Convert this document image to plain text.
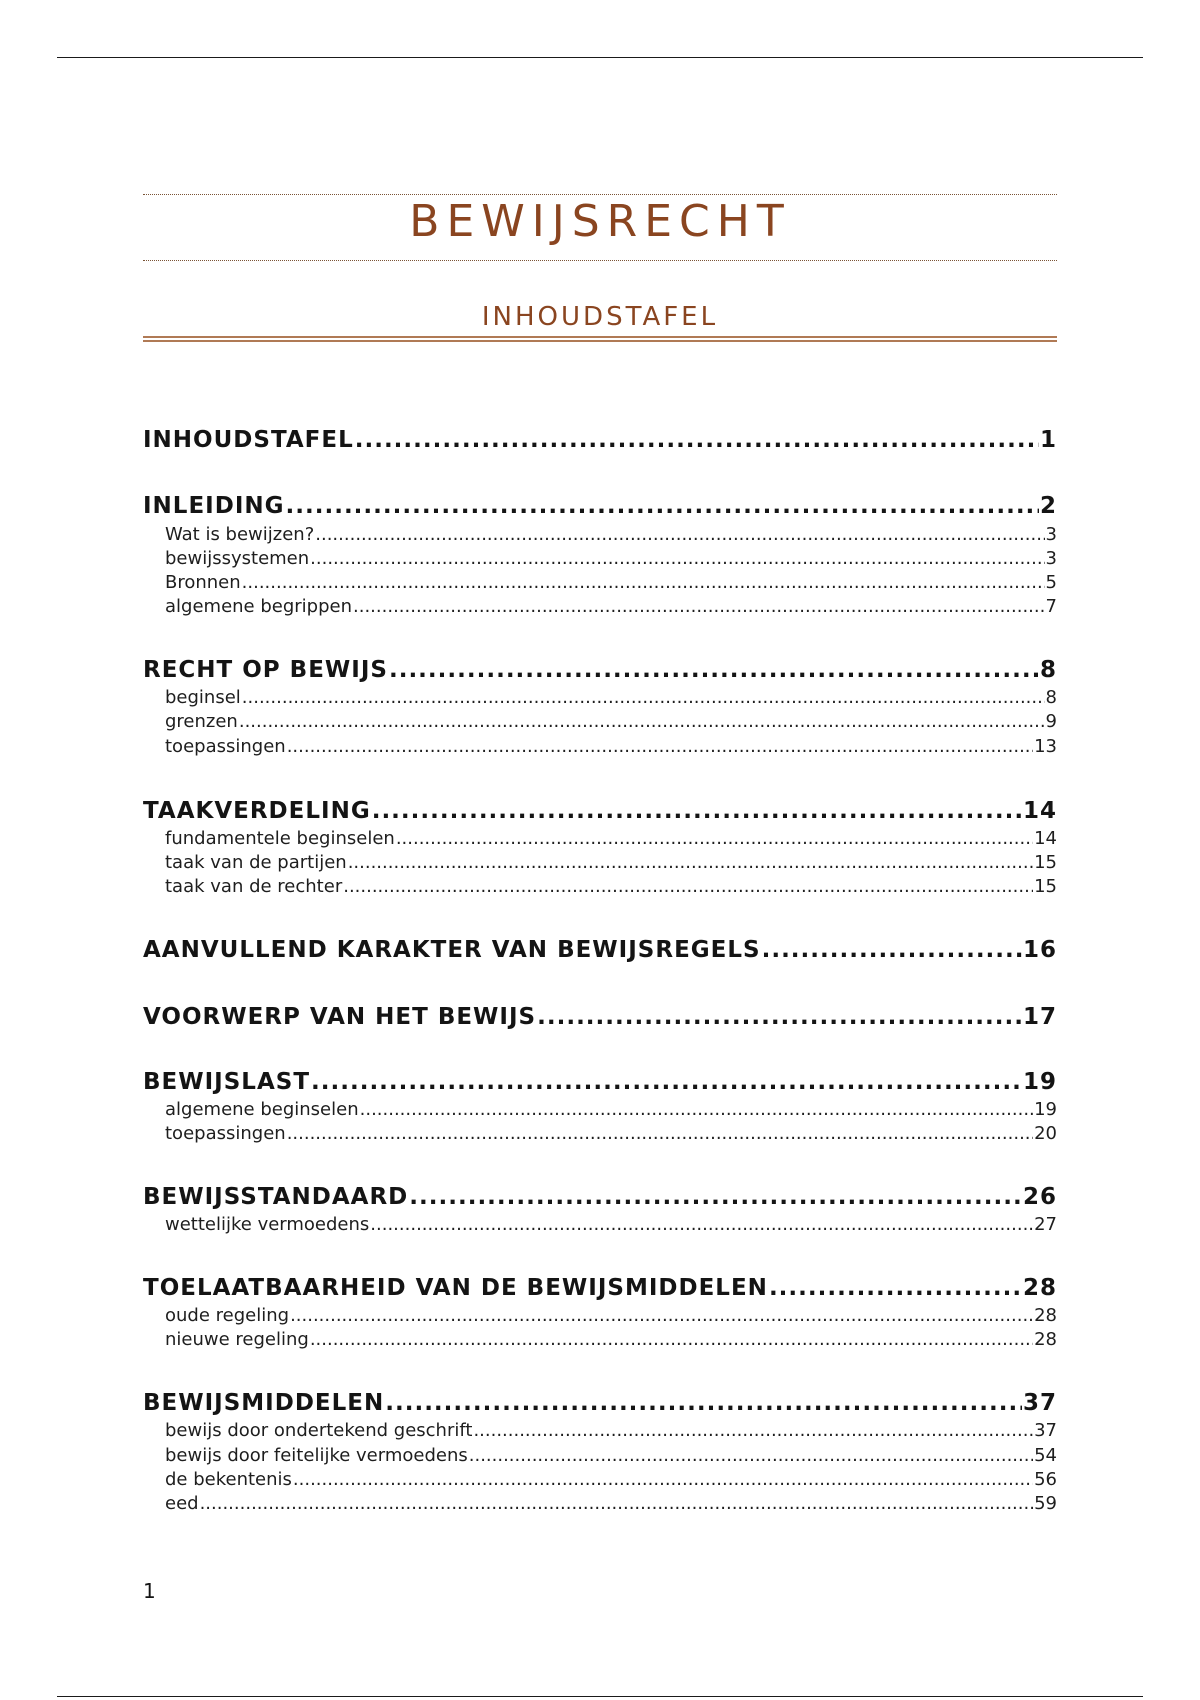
BEWIJSRECHT
INHOUDSTAFEL
INHOUDSTAFEL .....	1
INLEIDING .....	2
Wat is bewijzen? .....	3
bewijssystemen .....	3
Bronnen .....	5
algemene begrippen .....	7
RECHT OP BEWIJS .....	8
beginsel .....	8
grenzen .....	9
toepassingen .....	13
TAAKVERDELING .....	14
fundamentele beginselen .....	14
taak van de partijen .....	15
taak van de rechter .....	15
AANVULLEND KARAKTER VAN BEWIJSREGELS .....	16
VOORWERP VAN HET BEWIJS .....	17
BEWIJSLAST .....	19
algemene beginselen .....	19
toepassingen .....	20
BEWIJSSTANDAARD .....	26
wettelijke vermoedens .....	27
TOELAATBAARHEID VAN DE BEWIJSMIDDELEN .....	28
oude regeling .....	28
nieuwe regeling .....	28
BEWIJSMIDDELEN .....	37
bewijs door ondertekend geschrift .....	37
bewijs door feitelijke vermoedens .....	54
de bekentenis .....	56
eed .....	59
1
